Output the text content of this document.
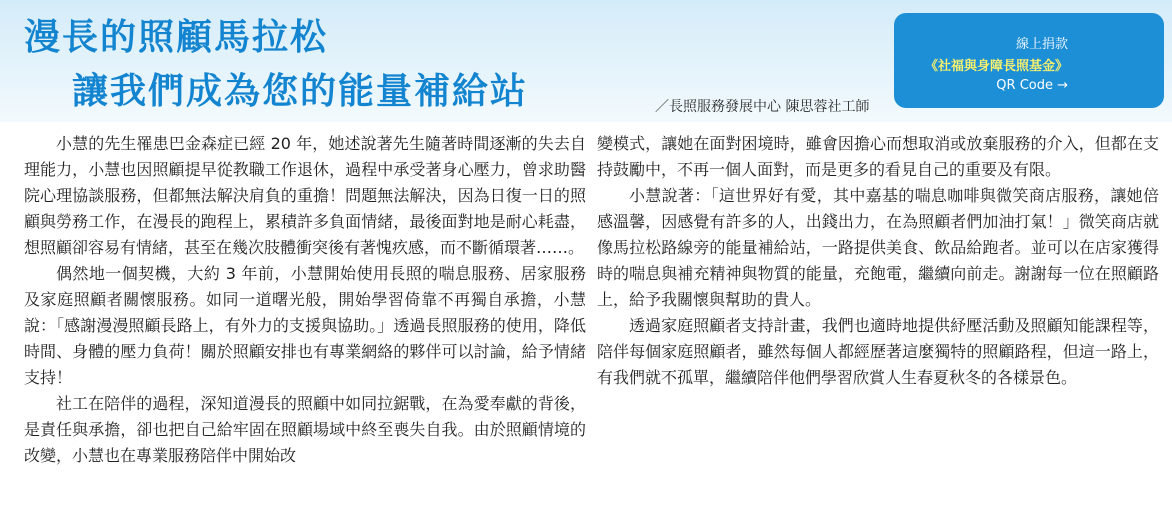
漫長的照顧馬拉松
讓我們成為您的能量補給站	／長照服務發展中心 陳思蓉社工師
線上捐款
《社福與身障長照基金》
QR Code →

小慧的先生罹患巴金森症已經 20 年，她述說著先生隨著時間逐漸的失去自理能力，小慧也因照顧提早從教職工作退休，過程中承受著身心壓力，曾求助醫院心理協談服務，但都無法解決肩負的重擔！問題無法解決，因為日復一日的照顧與勞務工作，在漫長的跑程上，累積許多負面情緒，最後面對地是耐心耗盡，想照顧卻容易有情緒，甚至在幾次肢體衝突後有著愧疚感，而不斷循環著……。

偶然地一個契機，大約 3 年前，小慧開始使用長照的喘息服務、居家服務及家庭照顧者關懷服務。如同一道曙光般，開始學習倚靠不再獨自承擔，小慧說：「感謝漫漫照顧長路上，有外力的支援與協助。」透過長照服務的使用，降低時間、身體的壓力負荷！關於照顧安排也有專業網絡的夥伴可以討論，給予情緒支持！

社工在陪伴的過程，深知道漫長的照顧中如同拉鋸戰，在為愛奉獻的背後，是責任與承擔，卻也把自己給牢固在照顧場域中終至喪失自我。由於照顧情境的改變，小慧也在專業服務陪伴中開始改

變模式，讓她在面對困境時，雖會因擔心而想取消或放棄服務的介入，但都在支持鼓勵中，不再一個人面對，而是更多的看見自己的重要及有限。

小慧說著：「這世界好有愛，其中嘉基的喘息咖啡與微笑商店服務，讓她倍感溫馨，因感覺有許多的人，出錢出力，在為照顧者們加油打氣！」微笑商店就像馬拉松路線旁的能量補給站，一路提供美食、飲品給跑者。並可以在店家獲得 時的喘息與補充精神與物質的能量，充飽電，繼續向前走。謝謝每一位在照顧路上，給予我關懷與幫助的貴人。

透過家庭照顧者支持計畫，我們也適時地提供紓壓活動及照顧知能課程等，陪伴每個家庭照顧者，雖然每個人都經歷著這麼獨特的照顧路程，但這一路上，有我們就不孤單，繼續陪伴他們學習欣賞人生春夏秋冬的各樣景色。
